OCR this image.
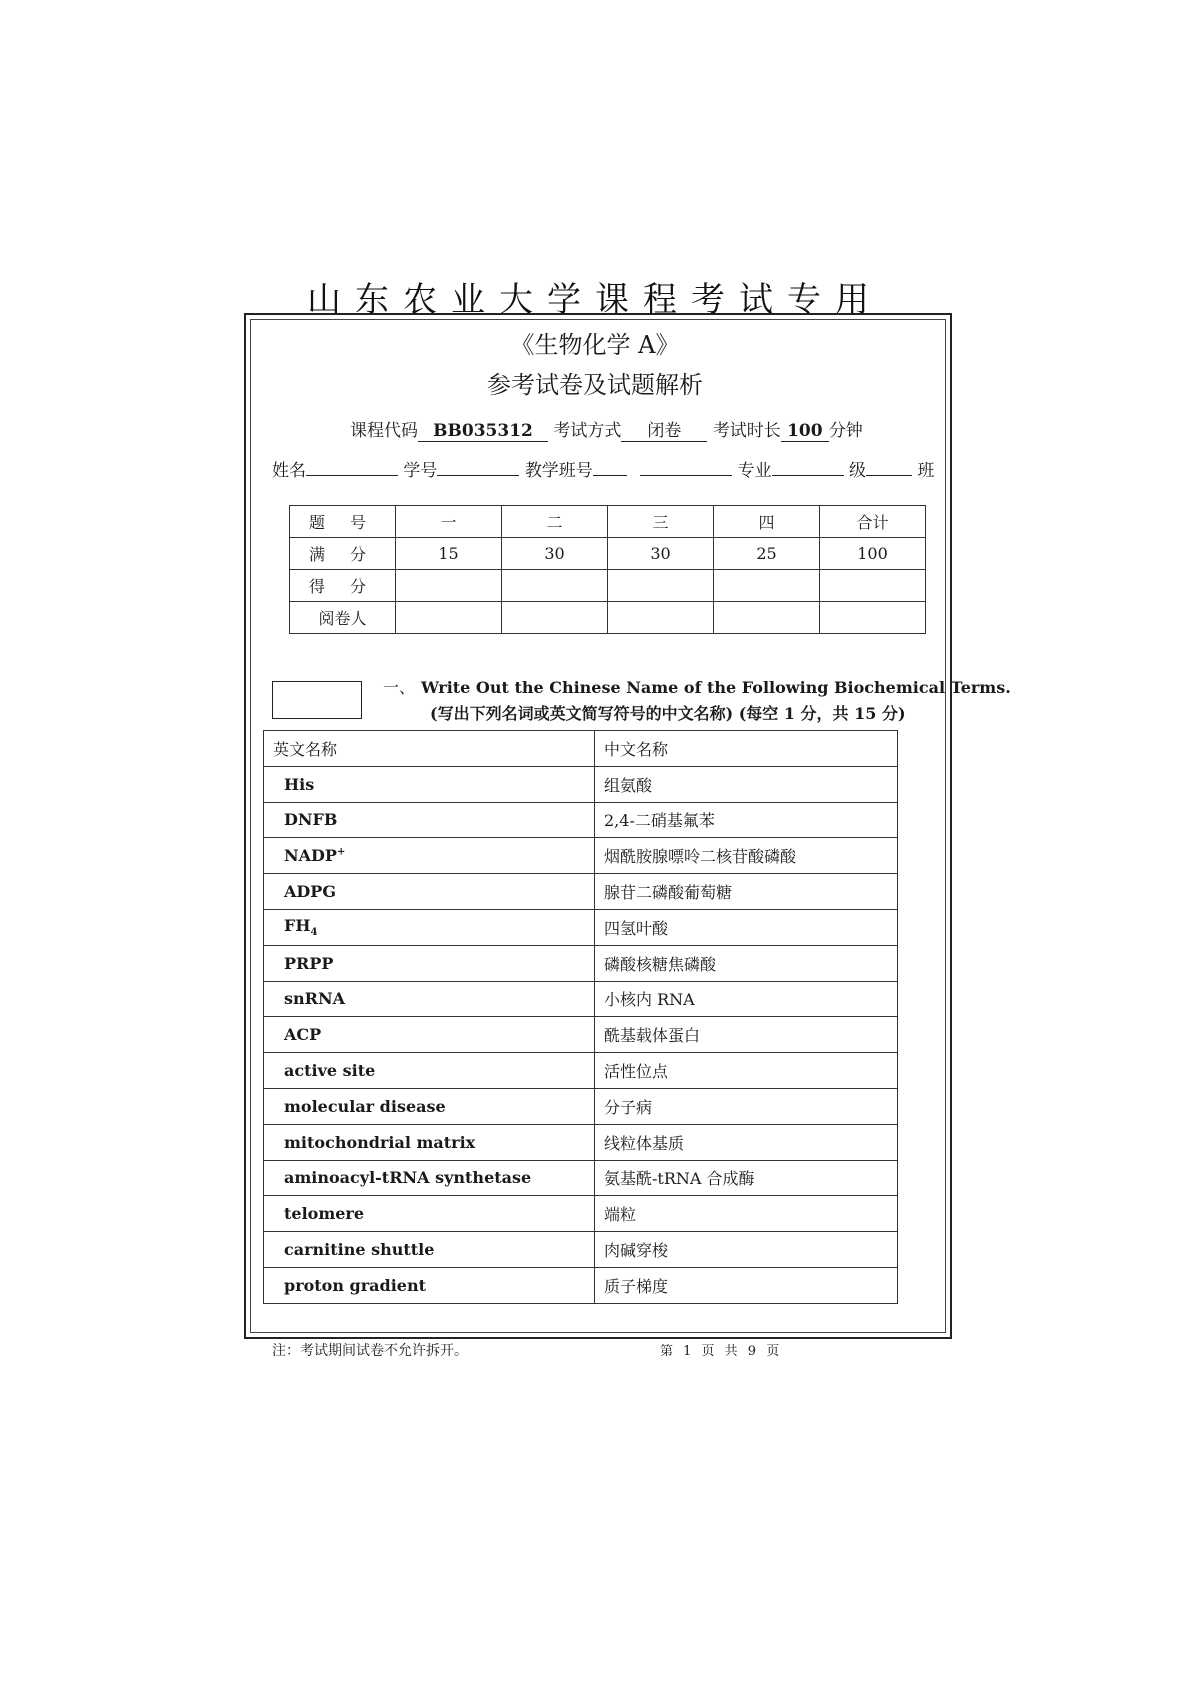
山东农业大学课程考试专用
《生物化学 A》
参考试卷及试题解析
课程代码 BB035312 考试方式 闭卷 考试时长 100 分钟
姓名	学号	教学班号	专业	级	班
题 号	一	二	三	四	合计
满 分	15	30	30	25	100
得 分					
阅卷人					
一、 Write Out the Chinese Name of the Following Biochemical Terms.
(写出下列名词或英文简写符号的中文名称) (每空 1 分，共 15 分)
英文名称	中文名称
His	组氨酸
DNFB	2,4-二硝基氟苯
NADP+	烟酰胺腺嘌呤二核苷酸磷酸
ADPG	腺苷二磷酸葡萄糖
$FH_4$	四氢叶酸
PRPP	磷酸核糖焦磷酸
snRNA	小核内 RNA
ACP	酰基载体蛋白
active site	活性位点
molecular disease	分子病
mitochondrial matrix	线粒体基质
aminoacyl-tRNA synthetase	氨基酰-tRNA 合成酶
telomere	端粒
carnitine shuttle	肉碱穿梭
proton gradient	质子梯度
注：考试期间试卷不允许拆开。	第 1 页 共 9 页
